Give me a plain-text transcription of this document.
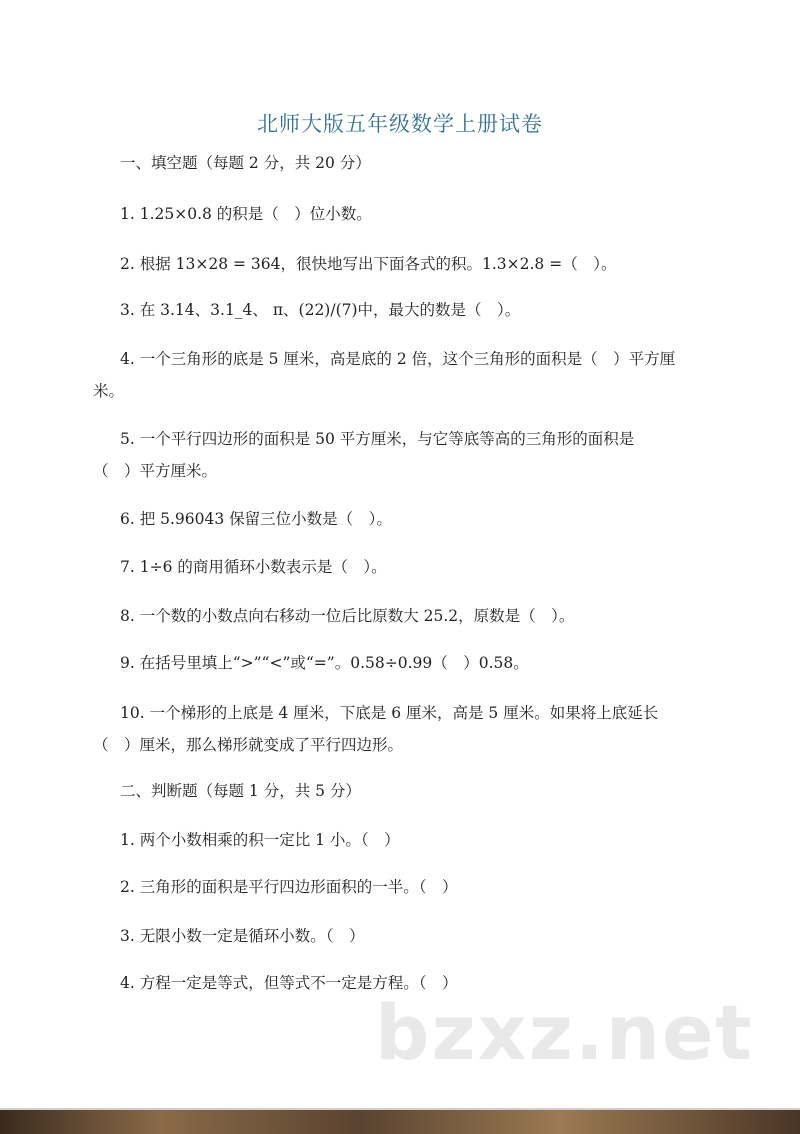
北师大版五年级数学上册试卷
一、填空题（每题 2 分，共 20 分）
1. 1.25×0.8 的积是（　）位小数。
2. 根据 13×28 = 364，很快地写出下面各式的积。1.3×2.8 =（　）。
3. 在 3.14、3.1_4、 π、(22)/(7)中，最大的数是（　）。
4. 一个三角形的底是 5 厘米，高是底的 2 倍，这个三角形的面积是（　）平方厘
米。
5. 一个平行四边形的面积是 50 平方厘米，与它等底等高的三角形的面积是
（　）平方厘米。
6. 把 5.96043 保留三位小数是（　）。
7. 1÷6 的商用循环小数表示是（　）。
8. 一个数的小数点向右移动一位后比原数大 25.2，原数是（　）。
9. 在括号里填上“>”“<”或“=”。0.58÷0.99（　）0.58。
10. 一个梯形的上底是 4 厘米，下底是 6 厘米，高是 5 厘米。如果将上底延长
（　）厘米，那么梯形就变成了平行四边形。
二、判断题（每题 1 分，共 5 分）
1. 两个小数相乘的积一定比 1 小。（　）
2. 三角形的面积是平行四边形面积的一半。（　）
3. 无限小数一定是循环小数。（　）
4. 方程一定是等式，但等式不一定是方程。（　）
bzxz.net
